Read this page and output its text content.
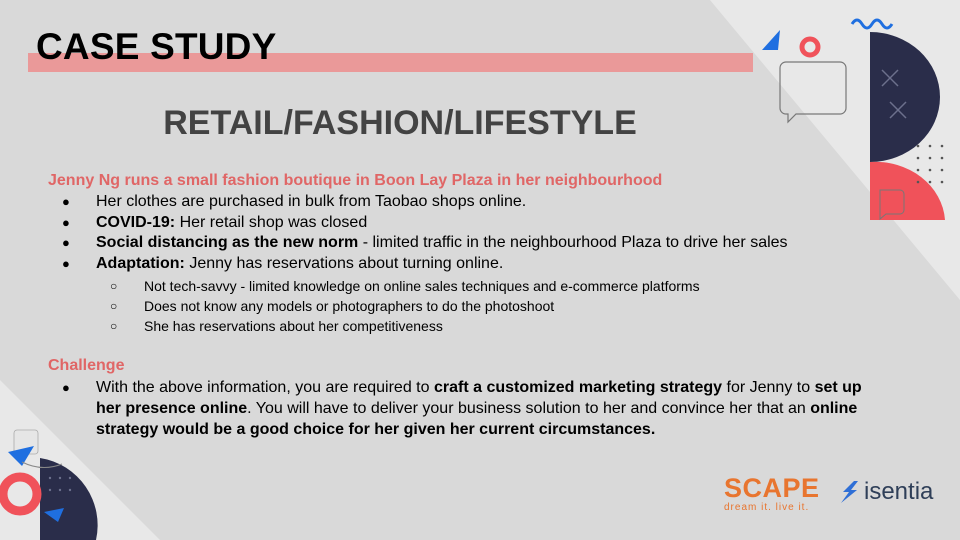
CASE STUDY
RETAIL/FASHION/LIFESTYLE

Jenny Ng runs a small fashion boutique in Boon Lay Plaza in her neighbourhood

● Her clothes are purchased in bulk from Taobao shops online.
● COVID-19: Her retail shop was closed
● Social distancing as the new norm - limited traffic in the neighbourhood Plaza to drive her sales
● Adaptation: Jenny has reservations about turning online.
○ Not tech-savvy - limited knowledge on online sales techniques and e-commerce platforms
○ Does not know any models or photographers to do the photoshoot
○ She has reservations about her competitiveness

Challenge

● With the above information, you are required to craft a customized marketing strategy for Jenny to set up her presence online. You will have to deliver your business solution to her and convince her that an online strategy would be a good choice for her given her current circumstances.
SCAPE
dream it. live it.
isentia
